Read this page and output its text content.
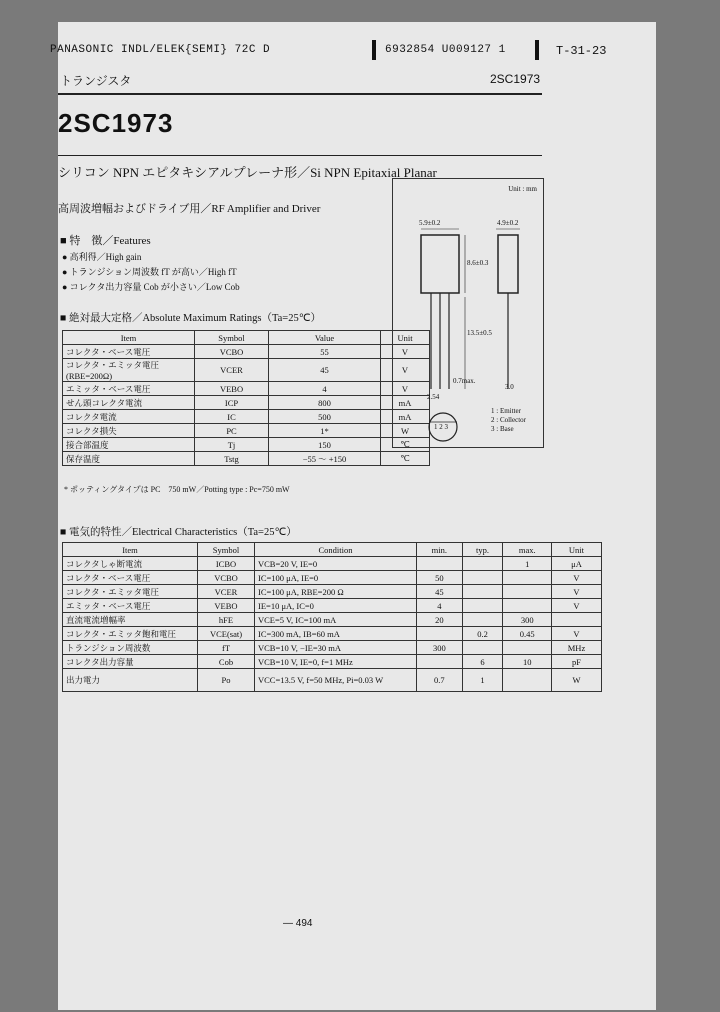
PANASONIC INDL/ELEK{SEMI} 72C D	6932854 U009127 1	T-31-23
トランジスタ	2SC1973
2SC1973
シリコン NPN エピタキシアルプレーナ形／Si NPN Epitaxial Planar
高周波増幅およびドライブ用／RF Amplifier and Driver
■ 特　徴／Features
● 高利得／High gain
● トランジション周波数 fT が高い／High fT
● コレクタ出力容量 Cob が小さい／Low Cob
■ 絶対最大定格／Absolute Maximum Ratings（Ta=25℃）
Item	Symbol	Value	Unit
コレクタ・ベース電圧	VCBO	55	V
コレクタ・エミッタ電圧 (RBE=200Ω)	VCER	45	V
エミッタ・ベース電圧	VEBO	4	V
せん頭コレクタ電流	ICP	800	mA
コレクタ電流	IC	500	mA
コレクタ損失	PC	1*	W
接合部温度	Tj	150	℃
保存温度	Tstg	−55 ～ +150	℃
* ポッティングタイプは PC　750 mW／Potting type : Pc=750 mW
Unit : mm
5.9±0.2	4.9±0.2
8.6±0.3
13.5±0.5
0.7max.
2.54
3.0
1 2 3
1 : Emitter
2 : Collector
3 : Base
■ 電気的特性／Electrical Characteristics（Ta=25℃）
Item	Symbol	Condition	min.	typ.	max.	Unit
コレクタしゃ断電流	ICBO	VCB=20 V, IE=0			1	μA
コレクタ・ベース電圧	VCBO	IC=100 μA, IE=0	50			V
コレクタ・エミッタ電圧	VCER	IC=100 μA, RBE=200 Ω	45			V
エミッタ・ベース電圧	VEBO	IE=10 μA, IC=0	4			V
直流電流増幅率	hFE	VCE=5 V, IC=100 mA	20		300	
コレクタ・エミッタ飽和電圧	VCE(sat)	IC=300 mA, IB=60 mA		0.2	0.45	V
トランジション周波数	fT	VCB=10 V, −IE=30 mA	300			MHz
コレクタ出力容量	Cob	VCB=10 V, IE=0, f=1 MHz		6	10	pF
出力電力	Po	VCC=13.5 V, f=50 MHz, Pi=0.03 W	0.7	1		W
— 494
